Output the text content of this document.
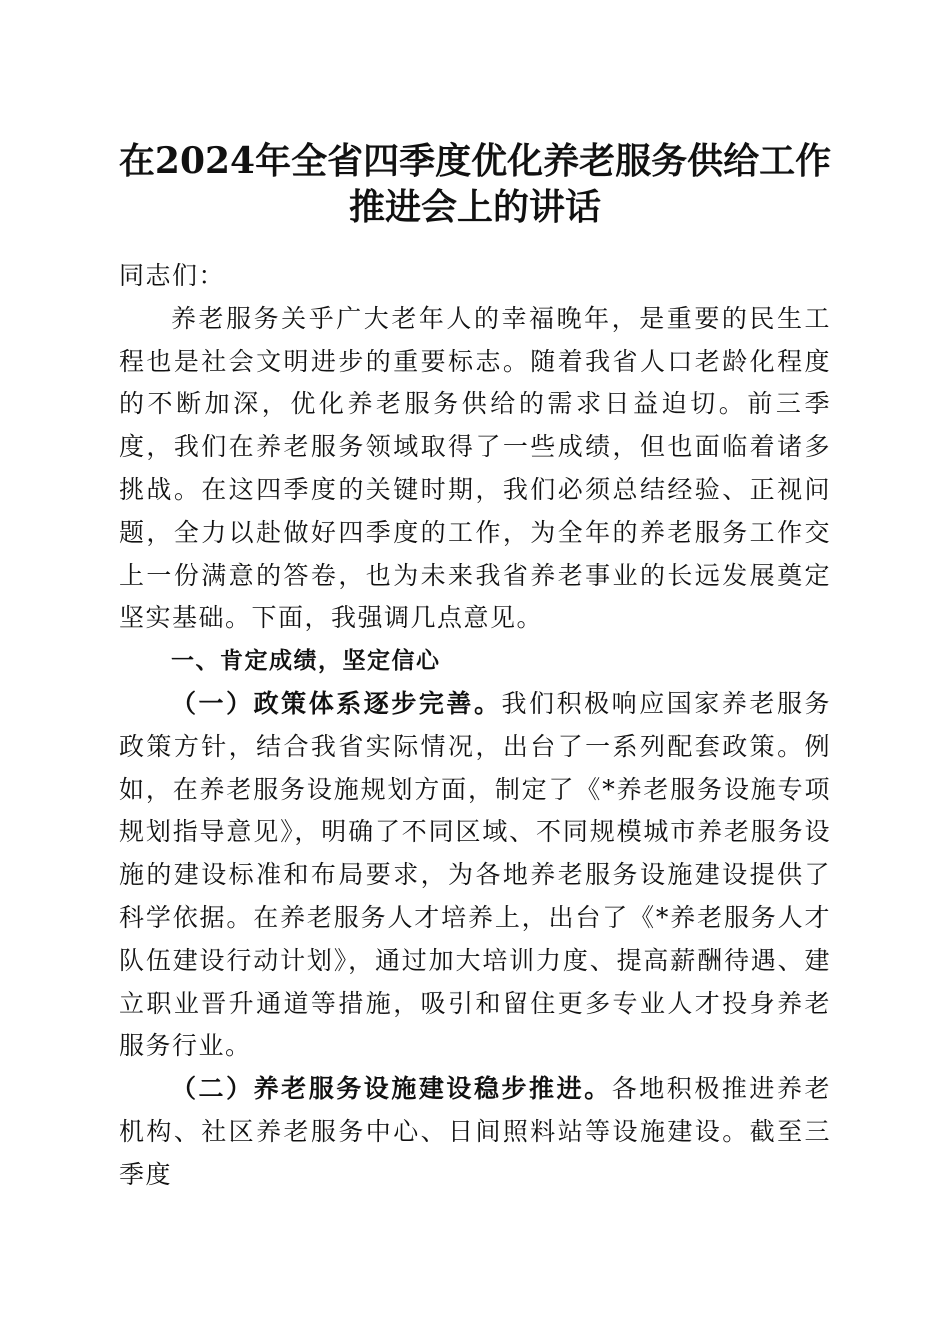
在2024年全省四季度优化养老服务供给工作
推进会上的讲话

同志们：

养老服务关乎广大老年人的幸福晚年，是重要的民生工程也是社会文明进步的重要标志。随着我省人口老龄化程度的不断加深，优化养老服务供给的需求日益迫切。前三季度，我们在养老服务领域取得了一些成绩，但也面临着诸多挑战。在这四季度的关键时期，我们必须总结经验、正视问题，全力以赴做好四季度的工作，为全年的养老服务工作交上一份满意的答卷，也为未来我省养老事业的长远发展奠定坚实基础。下面，我强调几点意见。

一、肯定成绩，坚定信心

（一）政策体系逐步完善。我们积极响应国家养老服务政策方针，结合我省实际情况，出台了一系列配套政策。例如，在养老服务设施规划方面，制定了《*养老服务设施专项规划指导意见》，明确了不同区域、不同规模城市养老服务设施的建设标准和布局要求，为各地养老服务设施建设提供了科学依据。在养老服务人才培养上，出台了《*养老服务人才队伍建设行动计划》，通过加大培训力度、提高薪酬待遇、建立职业晋升通道等措施，吸引和留住更多专业人才投身养老服务行业。

（二）养老服务设施建设稳步推进。各地积极推进养老机构、社区养老服务中心、日间照料站等设施建设。截至三季度
